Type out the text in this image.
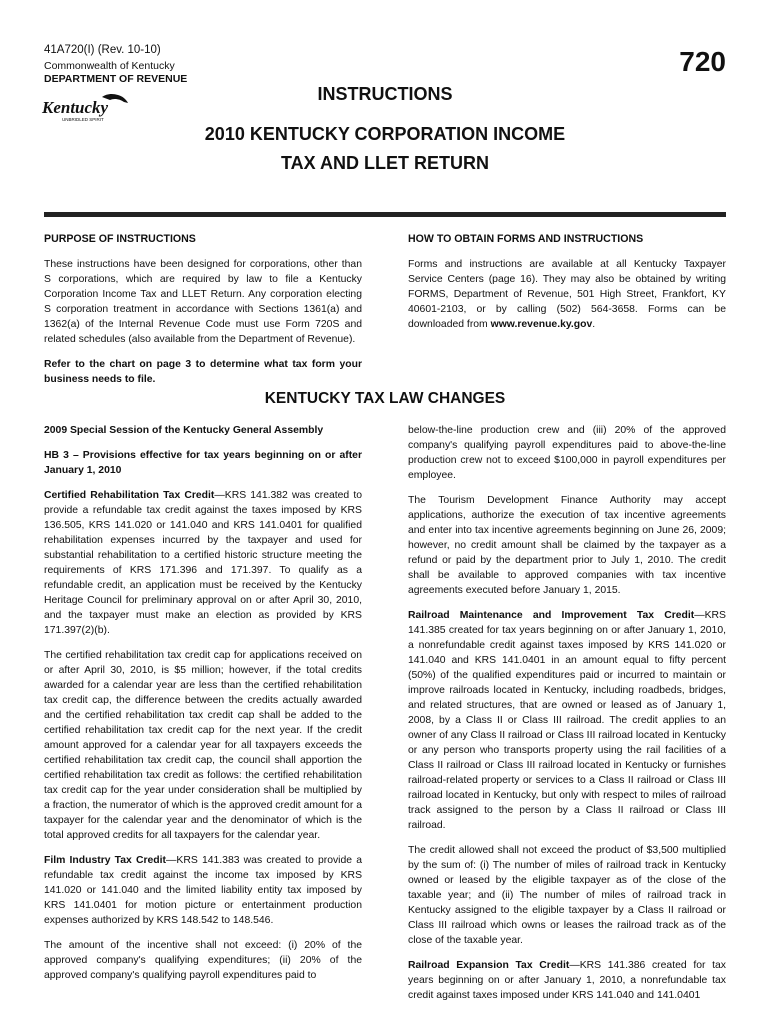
41A720(I) (Rev. 10-10)
Commonwealth of Kentucky
DEPARTMENT OF REVENUE
Kentucky
UNBRIDLED SPIRIT
720
INSTRUCTIONS
2010 KENTUCKY CORPORATION INCOME
TAX AND LLET RETURN

PURPOSE OF INSTRUCTIONS

These instructions have been designed for corporations, other than S corporations, which are required by law to file a Kentucky Corporation Income Tax and LLET Return. Any corporation electing S corporation treatment in accordance with Sections 1361(a) and 1362(a) of the Internal Revenue Code must use Form 720S and related schedules (also available from the Department of Revenue).

Refer to the chart on page 3 to determine what tax form your business needs to file.

HOW TO OBTAIN FORMS AND INSTRUCTIONS

Forms and instructions are available at all Kentucky Taxpayer Service Centers (page 16). They may also be obtained by writing FORMS, Department of Revenue, 501 High Street, Frankfort, KY 40601-2103, or by calling (502) 564-3658. Forms can be downloaded from www.revenue.ky.gov.

KENTUCKY TAX LAW CHANGES

2009 Special Session of the Kentucky General Assembly

HB 3 – Provisions effective for tax years beginning on or after January 1, 2010

Certified Rehabilitation Tax Credit—KRS 141.382 was created to provide a refundable tax credit against the taxes imposed by KRS 136.505, KRS 141.020 or 141.040 and KRS 141.0401 for qualified rehabilitation expenses incurred by the taxpayer and used for substantial rehabilitation to a certified historic structure meeting the requirements of KRS 171.396 and 171.397. To qualify as a refundable credit, an application must be received by the Kentucky Heritage Council for preliminary approval on or after April 30, 2010, and the taxpayer must make an election as provided by KRS 171.397(2)(b).

The certified rehabilitation tax credit cap for applications received on or after April 30, 2010, is $5 million; however, if the total credits awarded for a calendar year are less than the certified rehabilitation tax credit cap, the difference between the credits actually awarded and the certified rehabilitation tax credit cap shall be added to the certified rehabilitation tax credit cap for the next year. If the credit amount approved for a calendar year for all taxpayers exceeds the certified rehabilitation tax credit cap, the council shall apportion the certified rehabilitation tax credit as follows: the certified rehabilitation tax credit cap for the year under consideration shall be multiplied by a fraction, the numerator of which is the approved credit amount for a taxpayer for the calendar year and the denominator of which is the total approved credits for all taxpayers for the calendar year.

Film Industry Tax Credit—KRS 141.383 was created to provide a refundable tax credit against the income tax imposed by KRS 141.020 or 141.040 and the limited liability entity tax imposed by KRS 141.0401 for motion picture or entertainment production expenses authorized by KRS 148.542 to 148.546.

The amount of the incentive shall not exceed: (i) 20% of the approved company's qualifying expenditures; (ii) 20% of the approved company's qualifying payroll expenditures paid to

below-the-line production crew and (iii) 20% of the approved company's qualifying payroll expenditures paid to above-the-line production crew not to exceed $100,000 in payroll expenditures per employee.

The Tourism Development Finance Authority may accept applications, authorize the execution of tax incentive agreements and enter into tax incentive agreements beginning on June 26, 2009; however, no credit amount shall be claimed by the taxpayer as a refund or paid by the department prior to July 1, 2010. The credit shall be available to approved companies with tax incentive agreements executed before January 1, 2015.

Railroad Maintenance and Improvement Tax Credit—KRS 141.385 created for tax years beginning on or after January 1, 2010, a nonrefundable credit against taxes imposed by KRS 141.020 or 141.040 and KRS 141.0401 in an amount equal to fifty percent (50%) of the qualified expenditures paid or incurred to maintain or improve railroads located in Kentucky, including roadbeds, bridges, and related structures, that are owned or leased as of January 1, 2008, by a Class II or Class III railroad. The credit applies to an owner of any Class II railroad or Class III railroad located in Kentucky or any person who transports property using the rail facilities of a Class II railroad or Class III railroad located in Kentucky or furnishes railroad-related property or services to a Class II railroad or Class III railroad located in Kentucky, but only with respect to miles of railroad track assigned to the person by a Class II railroad or Class III railroad.

The credit allowed shall not exceed the product of $3,500 multiplied by the sum of: (i) The number of miles of railroad track in Kentucky owned or leased by the eligible taxpayer as of the close of the taxable year; and (ii) The number of miles of railroad track in Kentucky assigned to the eligible taxpayer by a Class II railroad or Class III railroad which owns or leases the railroad track as of the close of the taxable year.

Railroad Expansion Tax Credit—KRS 141.386 created for tax years beginning on or after January 1, 2010, a nonrefundable tax credit against taxes imposed under KRS 141.040 and 141.0401
